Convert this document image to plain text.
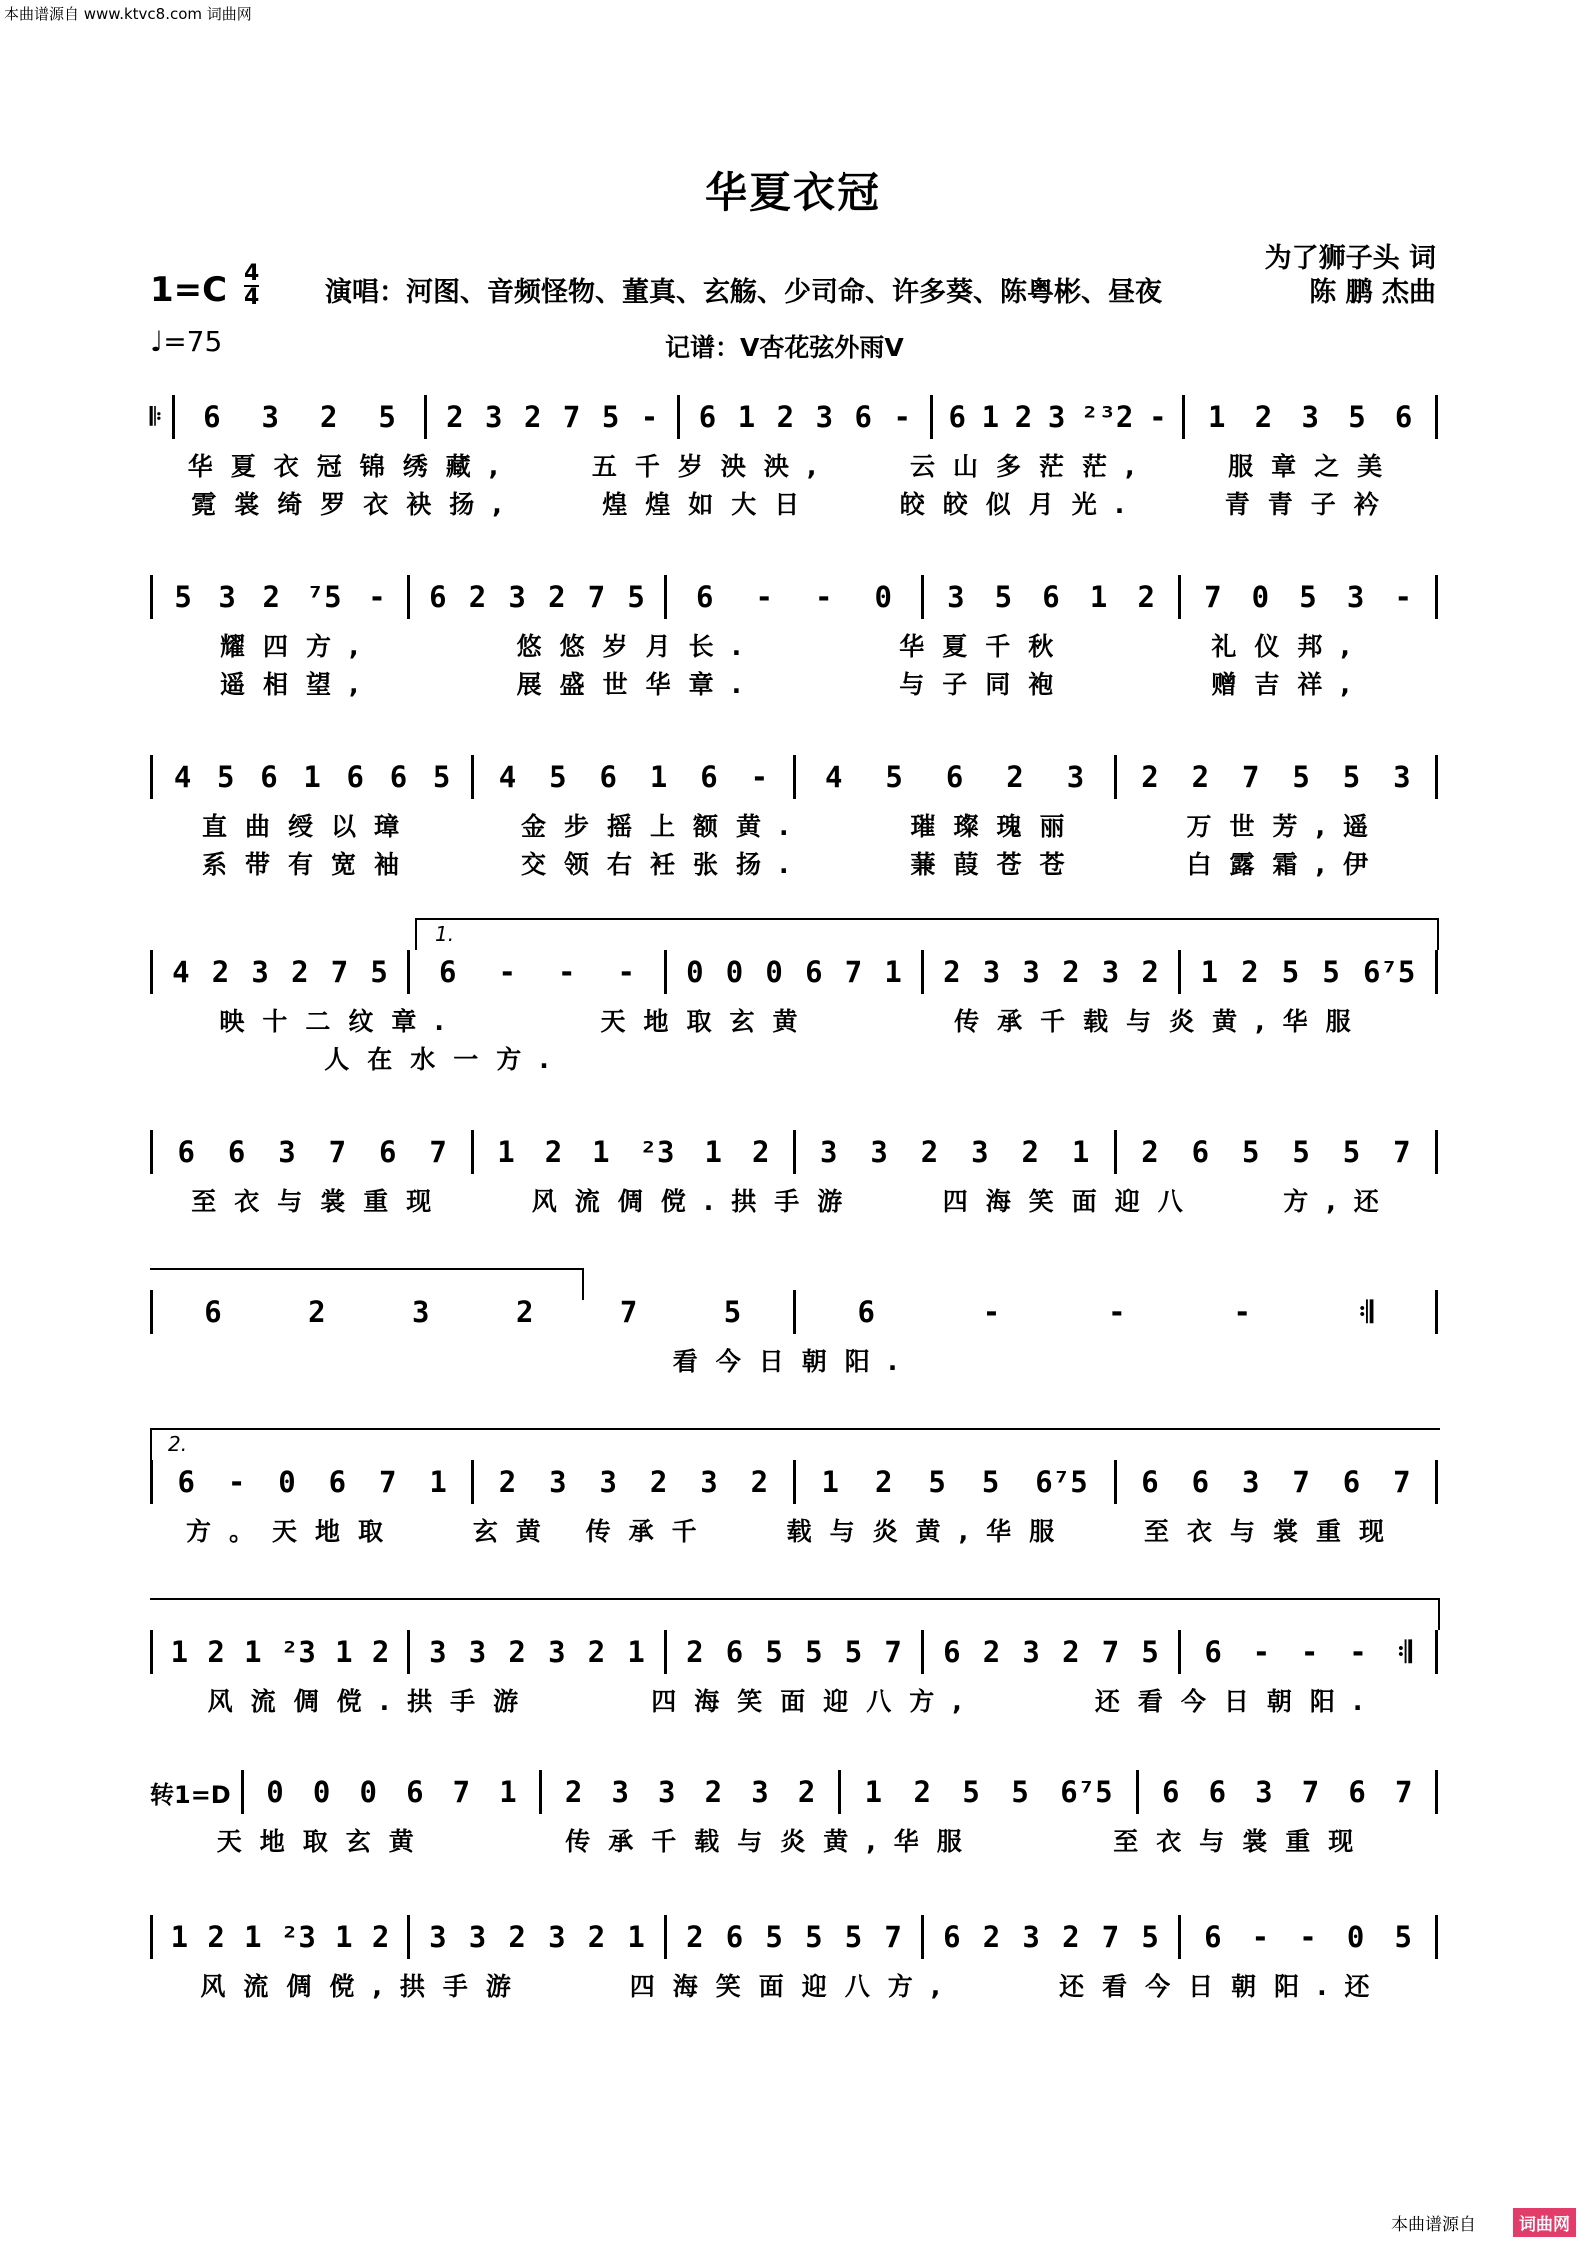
本曲谱源自 www.ktvc8.com 词曲网
华夏衣冠
为了狮子头 词
$1=C \frac{4}{4}$ 演唱：河图、音频怪物、董真、玄觞、少司命、许多葵、陈粤彬、昼夜	陈 鹏 杰曲
♩=75	记谱：V杏花弦外雨V
𝄆 6 3 2 5 2 3 2 7 5 - 6 1 2 3 6 - 6 1 2 3 ²³2 - 1 2 3 5 6
华夏衣冠锦绣藏,	五千岁泱泱,	云山多茫茫,	服章之美
霓裳绮罗衣袂扬,	煌煌如大日	皎皎似月光.	青青子衿
5 3 2 ⁷5 - 6 2 3 2 7 5 6 - - 0 3 5 6 1 2 7 0 5 3 -
耀四方,	悠悠岁月长.	华夏千秋	礼仪邦,
遥相望,	展盛世华章.	与子同袍	赠吉祥,
4 5 6 1 6 6 5 4 5 6 1 6 - 4 5 6 2 3 2 2 7 5 5 3
直曲绶以璋	金步摇上额黄.	璀璨瑰丽	万世芳,遥
系带有宽袖	交领右衽张扬.	蒹葭苍苍	白露霜,伊
4 2 3 2 7 5 6 - - - 0 0 0 6 7 1 2 3 3 2 3 2 1 2 5 5 6⁷5
映十二纹章.	天地取玄黄	传承千载与炎黄,华服
人在水一方.
6 6 3 7 6 7 1 2 1 ²3 1 2 3 3 2 3 2 1 2 6 5 5 5 7
至衣与裳重现	风流倜傥.拱手游	四海笑面迎八	方,还
6	2	3	2	7	5	6	-	-	-	𝄇
看今日朝阳.
6 - 0 6 7 1 2 3 3 2 3 2 1 2 5 5 6⁷5 6 6 3 7 6 7
方。天地取	玄黄 传承千	载与炎黄,华服	至衣与裳重现
1 2 1 ²3 1 2 3 3 2 3 2 1 2 6 5 5 5 7 6 2 3 2 7 5 6 - - - 𝄇
风流倜傥.拱手游	四海笑面迎八方,	还看今日朝阳.
转1=D 0 0 0 6 7 1 2 3 3 2 3 2 1 2 5 5 6⁷5 6 6 3 7 6 7
天地取玄黄	传承千载与炎黄,华服	至衣与裳重现
1 2 1 ²3 1 2 3 3 2 3 2 1 2 6 5 5 5 7 6 2 3 2 7 5 6 - - 0 5
风流倜傥,拱手游	四海笑面迎八方,	还看今日朝阳.还
1.
2.
本曲谱源自	词曲网
